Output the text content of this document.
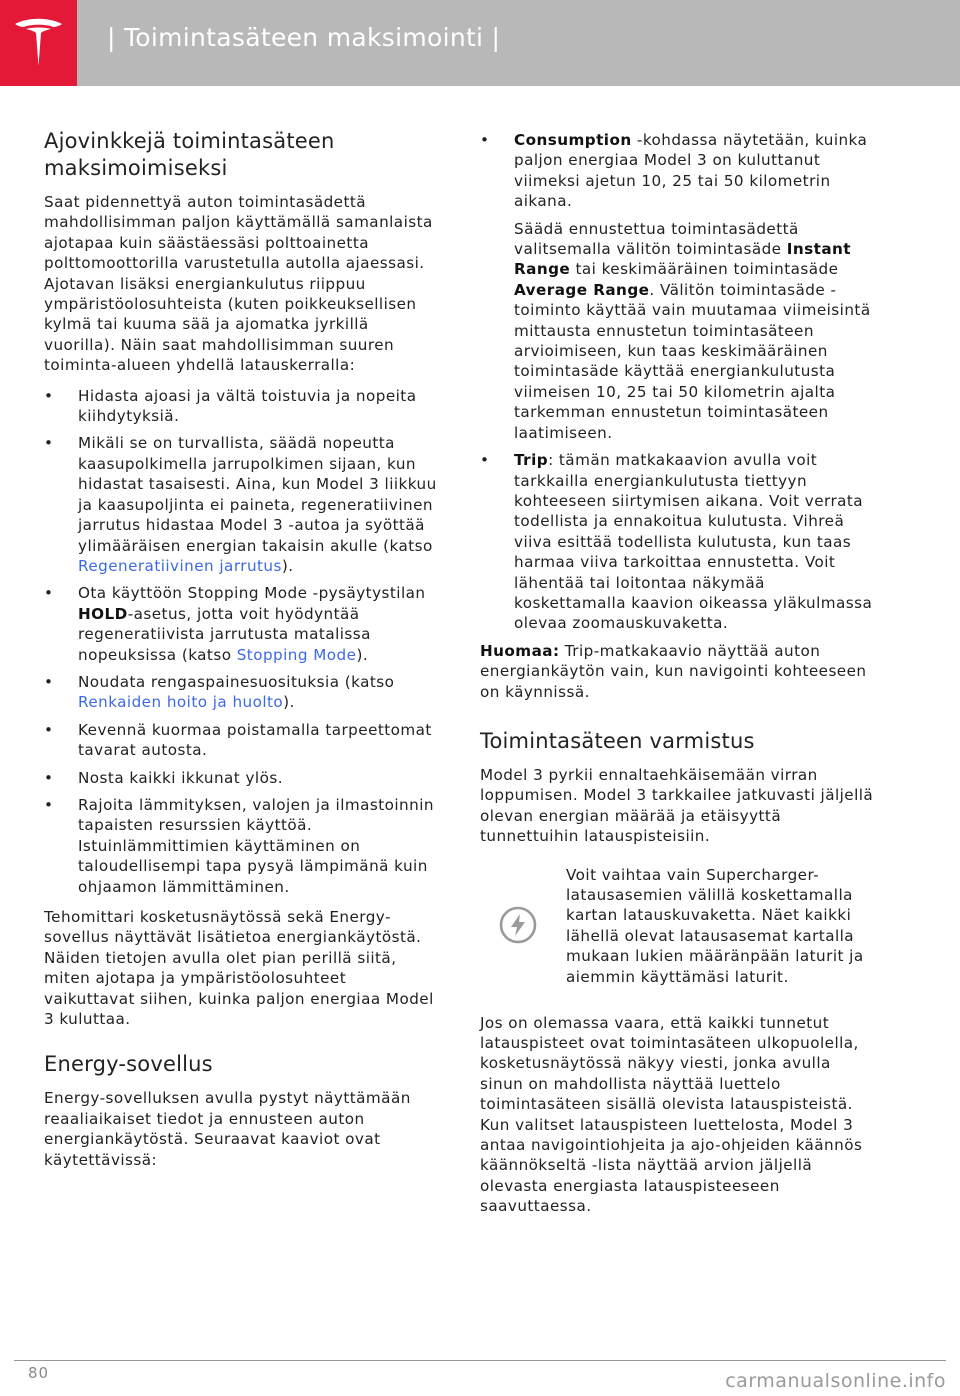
| Toimintasäteen maksimointi |
Ajovinkkejä toimintasäteen maksimoimiseksi

Saat pidennettyä auton toimintasädettä mahdollisimman paljon käyttämällä samanlaista ajotapaa kuin säästäessäsi polttoainetta polttomoottorilla varustetulla autolla ajaessasi. Ajotavan lisäksi energiankulutus riippuu ympäristöolosuhteista (kuten poikkeuksellisen kylmä tai kuuma sää ja ajomatka jyrkillä vuorilla). Näin saat mahdollisimman suuren toiminta-alueen yhdellä latauskerralla:

• Hidasta ajoasi ja vältä toistuvia ja nopeita kiihdytyksiä.
• Mikäli se on turvallista, säädä nopeutta kaasupolkimella jarrupolkimen sijaan, kun hidastat tasaisesti. Aina, kun Model 3 liikkuu ja kaasupoljinta ei paineta, regeneratiivinen jarrutus hidastaa Model 3 -autoa ja syöttää ylimääräisen energian takaisin akulle (katso Regeneratiivinen jarrutus).
• Ota käyttöön Stopping Mode -pysäytystilan HOLD-asetus, jotta voit hyödyntää regeneratiivista jarrutusta matalissa nopeuksissa (katso Stopping Mode).
• Noudata rengaspainesuosituksia (katso Renkaiden hoito ja huolto).
• Kevennä kuormaa poistamalla tarpeettomat tavarat autosta.
• Nosta kaikki ikkunat ylös.
• Rajoita lämmityksen, valojen ja ilmastoinnin tapaisten resurssien käyttöä. Istuinlämmittimien käyttäminen on taloudellisempi tapa pysyä lämpimänä kuin ohjaamon lämmittäminen.

Tehomittari kosketusnäytössä sekä Energy-sovellus näyttävät lisätietoa energiankäytöstä. Näiden tietojen avulla olet pian perillä siitä, miten ajotapa ja ympäristöolosuhteet vaikuttavat siihen, kuinka paljon energiaa Model 3 kuluttaa.

Energy-sovellus

Energy-sovelluksen avulla pystyt näyttämään reaaliaikaiset tiedot ja ennusteen auton energiankäytöstä. Seuraavat kaaviot ovat käytettävissä:

• Consumption -kohdassa näytetään, kuinka paljon energiaa Model 3 on kuluttanut viimeksi ajetun 10, 25 tai 50 kilometrin aikana.

Säädä ennustettua toimintasädettä valitsemalla välitön toimintasäde Instant Range tai keskimääräinen toimintasäde Average Range. Välitön toimintasäde -toiminto käyttää vain muutamaa viimeisintä mittausta ennustetun toimintasäteen arvioimiseen, kun taas keskimääräinen toimintasäde käyttää energiankulutusta viimeisen 10, 25 tai 50 kilometrin ajalta tarkemman ennustetun toimintasäteen laatimiseen.

• Trip: tämän matkakaavion avulla voit tarkkailla energiankulutusta tiettyyn kohteeseen siirtymisen aikana. Voit verrata todellista ja ennakoitua kulutusta. Vihreä viiva esittää todellista kulutusta, kun taas harmaa viiva tarkoittaa ennustetta. Voit lähentää tai loitontaa näkymää koskettamalla kaavion oikeassa yläkulmassa olevaa zoomauskuvaketta.

Huomaa: Trip-matkakaavio näyttää auton energiankäytön vain, kun navigointi kohteeseen on käynnissä.

Toimintasäteen varmistus

Model 3 pyrkii ennaltaehkäisemään virran loppumisen. Model 3 tarkkailee jatkuvasti jäljellä olevan energian määrää ja etäisyyttä tunnettuihin latauspisteisiin.

Voit vaihtaa vain Supercharger-latausasemien välillä koskettamalla kartan latauskuvaketta. Näet kaikki lähellä olevat latausasemat kartalla mukaan lukien määränpään laturit ja aiemmin käyttämäsi laturit.

Jos on olemassa vaara, että kaikki tunnetut latauspisteet ovat toimintasäteen ulkopuolella, kosketusnäytössä näkyy viesti, jonka avulla sinun on mahdollista näyttää luettelo toimintasäteen sisällä olevista latauspisteistä. Kun valitset latauspisteen luettelosta, Model 3 antaa navigointiohjeita ja ajo-ohjeiden käännös käännökseltä -lista näyttää arvion jäljellä olevasta energiasta latauspisteeseen saavuttaessa.

80	carmanualsonline.info
